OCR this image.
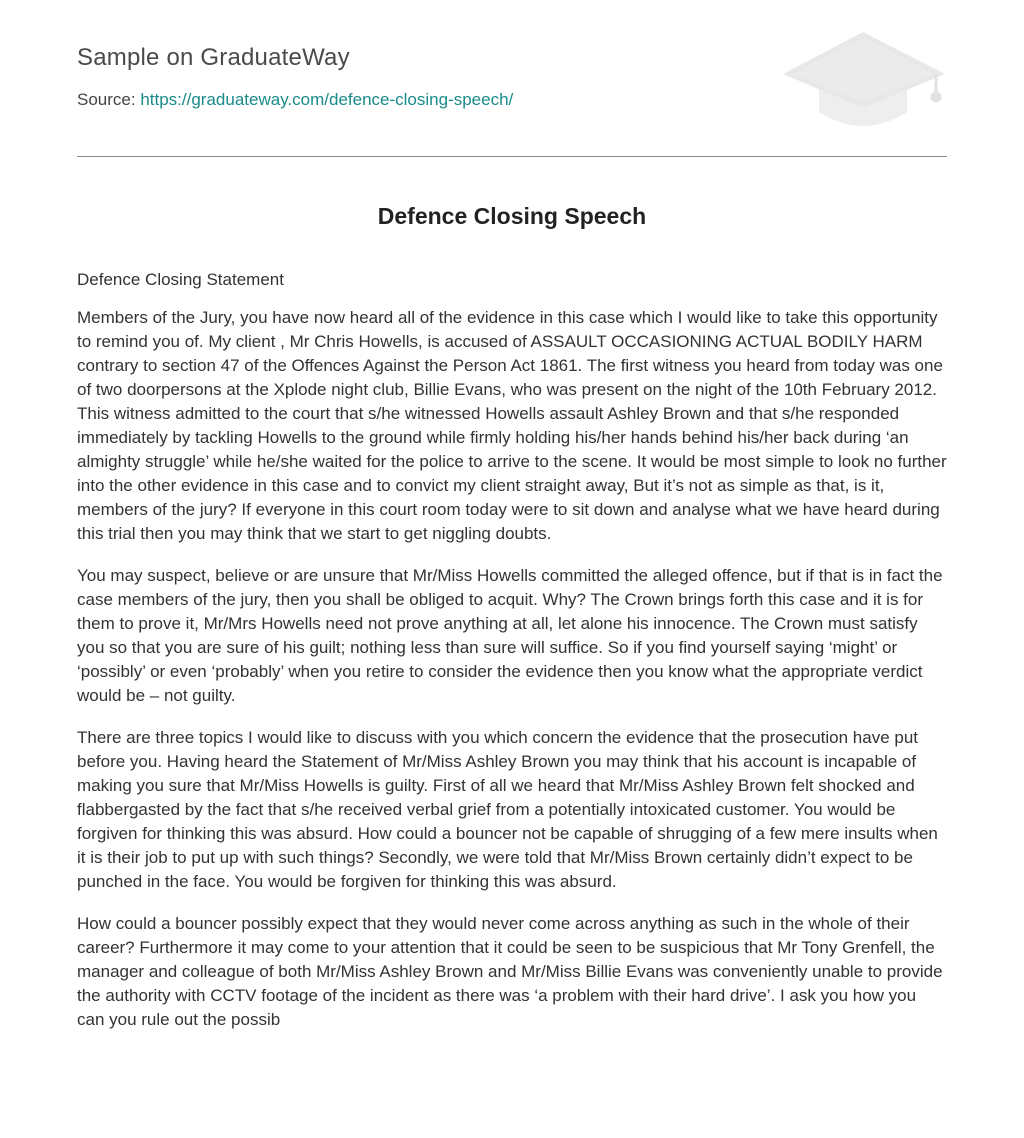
Sample on GraduateWay
Source: https://graduateway.com/defence-closing-speech/
Defence Closing Speech

Defence Closing Statement

Members of the Jury, you have now heard all of the evidence in this case which I would like to take this opportunity to remind you of. My client , Mr Chris Howells, is accused of ASSAULT OCCASIONING ACTUAL BODILY HARM contrary to section 47 of the Offences Against the Person Act 1861. The first witness you heard from today was one of two doorpersons at the Xplode night club, Billie Evans, who was present on the night of the 10th February 2012. This witness admitted to the court that s/he witnessed Howells assault Ashley Brown and that s/he responded immediately by tackling Howells to the ground while firmly holding his/her hands behind his/her back during ‘an almighty struggle’ while he/she waited for the police to arrive to the scene. It would be most simple to look no further into the other evidence in this case and to convict my client straight away, But it’s not as simple as that, is it, members of the jury? If everyone in this court room today were to sit down and analyse what we have heard during this trial then you may think that we start to get niggling doubts.

You may suspect, believe or are unsure that Mr/Miss Howells committed the alleged offence, but if that is in fact the case members of the jury, then you shall be obliged to acquit. Why? The Crown brings forth this case and it is for them to prove it, Mr/Mrs Howells need not prove anything at all, let alone his innocence. The Crown must satisfy you so that you are sure of his guilt; nothing less than sure will suffice. So if you find yourself saying ‘might’ or ‘possibly’ or even ‘probably’ when you retire to consider the evidence then you know what the appropriate verdict would be – not guilty.

There are three topics I would like to discuss with you which concern the evidence that the prosecution have put before you. Having heard the Statement of Mr/Miss Ashley Brown you may think that his account is incapable of making you sure that Mr/Miss Howells is guilty. First of all we heard that Mr/Miss Ashley Brown felt shocked and flabbergasted by the fact that s/he received verbal grief from a potentially intoxicated customer. You would be forgiven for thinking this was absurd. How could a bouncer not be capable of shrugging of a few mere insults when it is their job to put up with such things? Secondly, we were told that Mr/Miss Brown certainly didn’t expect to be punched in the face. You would be forgiven for thinking this was absurd.

How could a bouncer possibly expect that they would never come across anything as such in the whole of their career? Furthermore it may come to your attention that it could be seen to be suspicious that Mr Tony Grenfell, the manager and colleague of both Mr/Miss Ashley Brown and Mr/Miss Billie Evans was conveniently unable to provide the authority with CCTV footage of the incident as there was ‘a problem with their hard drive’. I ask you how you can you rule out the possib
